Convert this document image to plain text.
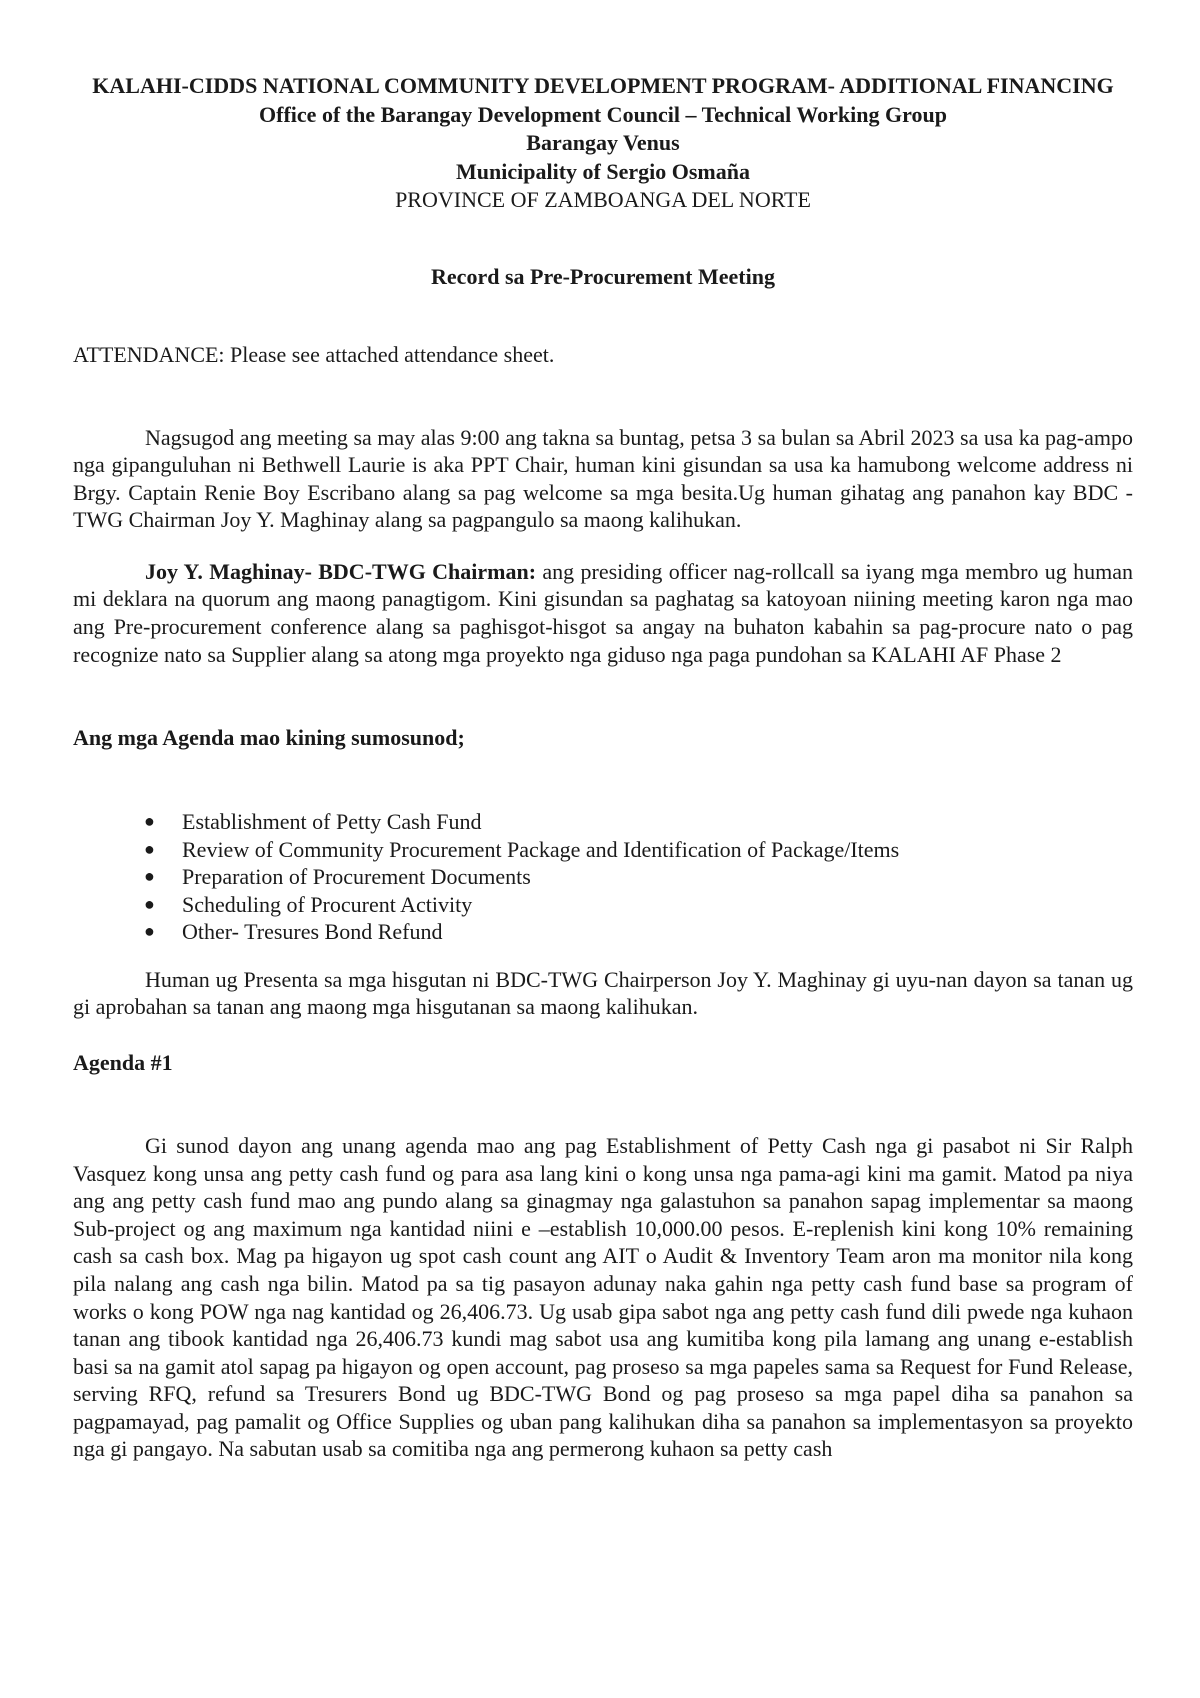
KALAHI-CIDDS NATIONAL COMMUNITY DEVELOPMENT PROGRAM- ADDITIONAL FINANCING
Office of the Barangay Development Council – Technical Working Group
Barangay Venus
Municipality of Sergio Osmaña
PROVINCE OF ZAMBOANGA DEL NORTE
Record sa Pre-Procurement Meeting
ATTENDANCE: Please see attached attendance sheet.

Nagsugod ang meeting sa may alas 9:00 ang takna sa buntag, petsa 3 sa bulan sa Abril 2023 sa usa ka pag-ampo nga gipanguluhan ni Bethwell Laurie is aka PPT Chair, human kini gisundan sa usa ka hamubong welcome address ni Brgy. Captain Renie Boy Escribano alang sa pag welcome sa mga besita.Ug human gihatag ang panahon kay BDC - TWG Chairman Joy Y. Maghinay alang sa pagpangulo sa maong kalihukan.

Joy Y. Maghinay- BDC-TWG Chairman: ang presiding officer nag-rollcall sa iyang mga membro ug human mi deklara na quorum ang maong panagtigom. Kini gisundan sa paghatag sa katoyoan niining meeting karon nga mao ang Pre-procurement conference alang sa paghisgot-hisgot sa angay na buhaton kabahin sa pag-procure nato o pag recognize nato sa Supplier alang sa atong mga proyekto nga giduso nga paga pundohan sa KALAHI AF Phase 2

Ang mga Agenda mao kining sumosunod;
● Establishment of Petty Cash Fund
● Review of Community Procurement Package and Identification of Package/Items
● Preparation of Procurement Documents
● Scheduling of Procurent Activity
● Other- Tresures Bond Refund

Human ug Presenta sa mga hisgutan ni BDC-TWG Chairperson Joy Y. Maghinay gi uyu-nan dayon sa tanan ug gi aprobahan sa tanan ang maong mga hisgutanan sa maong kalihukan.

Agenda #1

Gi sunod dayon ang unang agenda mao ang pag Establishment of Petty Cash nga gi pasabot ni Sir Ralph Vasquez kong unsa ang petty cash fund og para asa lang kini o kong unsa nga pama-agi kini ma gamit. Matod pa niya ang ang petty cash fund mao ang pundo alang sa ginagmay nga galastuhon sa panahon sapag implementar sa maong Sub-project og ang maximum nga kantidad niini e –establish 10,000.00 pesos. E-replenish kini kong 10% remaining cash sa cash box. Mag pa higayon ug spot cash count ang AIT o Audit & Inventory Team aron ma monitor nila kong pila nalang ang cash nga bilin. Matod pa sa tig pasayon adunay naka gahin nga petty cash fund base sa program of works o kong POW nga nag kantidad og 26,406.73. Ug usab gipa sabot nga ang petty cash fund dili pwede nga kuhaon tanan ang tibook kantidad nga 26,406.73 kundi mag sabot usa ang kumitiba kong pila lamang ang unang e-establish basi sa na gamit atol sapag pa higayon og open account, pag proseso sa mga papeles sama sa Request for Fund Release, serving RFQ, refund sa Tresurers Bond ug BDC-TWG Bond og pag proseso sa mga papel diha sa panahon sa pagpamayad, pag pamalit og Office Supplies og uban pang kalihukan diha sa panahon sa implementasyon sa proyekto nga gi pangayo. Na sabutan usab sa comitiba nga ang permerong kuhaon sa petty cash
